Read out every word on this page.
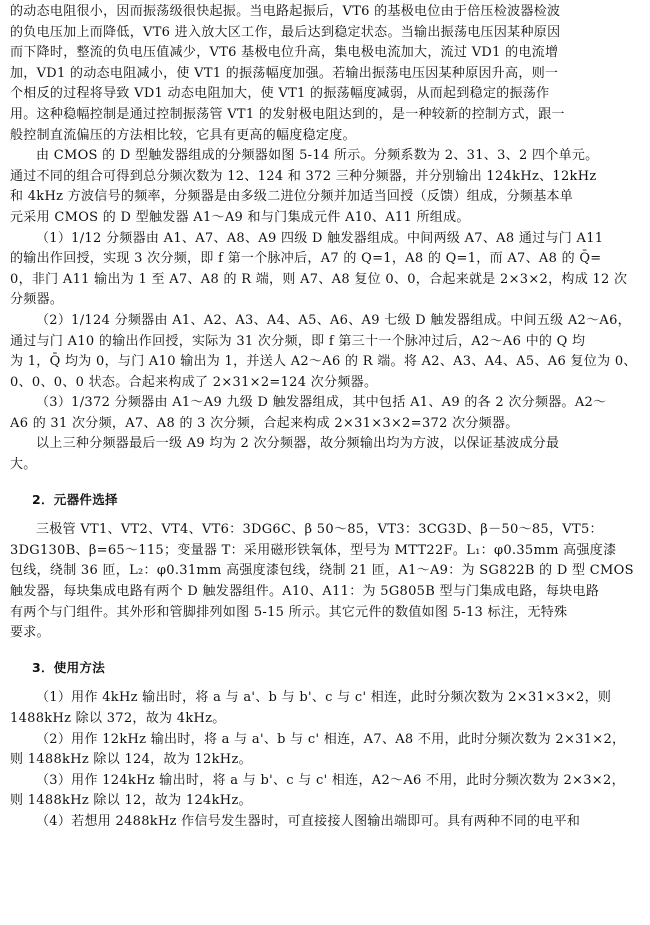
的动态电阻很小，因而振荡级很快起振。当电路起振后，VT6 的基极电位由于倍压检波器检波
的负电压加上而降低，VT6 进入放大区工作，最后达到稳定状态。当输出振荡电压因某种原因
而下降时，整流的负电压值减少，VT6 基极电位升高，集电极电流加大，流过 VD1 的电流增
加，VD1 的动态电阻减小，使 VT1 的振荡幅度加强。若输出振荡电压因某种原因升高，则一
个相反的过程将导致 VD1 动态电阻加大，使 VT1 的振荡幅度减弱，从而起到稳定的振荡作
用。这种稳幅控制是通过控制振荡管 VT1 的发射极电阻达到的，是一种较新的控制方式，跟一
般控制直流偏压的方法相比较，它具有更高的幅度稳定度。
由 CMOS 的 D 型触发器组成的分频器如图 5-14 所示。分频系数为 2、31、3、2 四个单元。
通过不同的组合可得到总分频次数为 12、124 和 372 三种分频器，并分别输出 124kHz、12kHz
和 4kHz 方波信号的频率，分频器是由多级二进位分频并加适当回授（反馈）组成，分频基本单
元采用 CMOS 的 D 型触发器 A1～A9 和与门集成元件 A10、A11 所组成。
（1）1/12 分频器由 A1、A7、A8、A9 四级 D 触发器组成。中间两级 A7、A8 通过与门 A11
的输出作回授，实现 3 次分频，即 f 第一个脉冲后，A7 的 Q=1，A8 的 Q=1，而 A7、A8 的 Q̄=
0，非门 A11 输出为 1 至 A7、A8 的 R 端，则 A7、A8 复位 0、0，合起来就是 2×3×2，构成 12 次
分频器。
（2）1/124 分频器由 A1、A2、A3、A4、A5、A6、A9 七级 D 触发器组成。中间五级 A2～A6，
通过与门 A10 的输出作回授，实际为 31 次分频，即 f 第三十一个脉冲过后，A2～A6 中的 Q 均
为 1，Q̄ 均为 0，与门 A10 输出为 1，并送人 A2～A6 的 R 端。将 A2、A3、A4、A5、A6 复位为 0、
0、0、0、0 状态。合起来构成了 2×31×2=124 次分频器。
（3）1/372 分频器由 A1～A9 九级 D 触发器组成，其中包括 A1、A9 的各 2 次分频器。A2～
A6 的 31 次分频，A7、A8 的 3 次分频，合起来构成 2×31×3×2=372 次分频器。
以上三种分频器最后一级 A9 均为 2 次分频器，故分频输出均为方波，以保证基波成分最
大。
2．元器件选择
三极管 VT1、VT2、VT4、VT6：3DG6C、β 50～85，VT3：3CG3D、β－50～85，VT5：
3DG130B、β=65～115；变量器 T：采用磁形铁氧体，型号为 MTT22F。L₁：φ0.35mm 高强度漆
包线，绕制 36 匝，L₂：φ0.31mm 高强度漆包线，绕制 21 匝，A1～A9：为 SG822B 的 D 型 CMOS
触发器，每块集成电路有两个 D 触发器组件。A10、A11：为 5G805B 型与门集成电路，每块电路
有两个与门组件。其外形和管脚排列如图 5-15 所示。其它元件的数值如图 5-13 标注，无特殊
要求。
3．使用方法
（1）用作 4kHz 输出时，将 a 与 a'、b 与 b'、c 与 c' 相连，此时分频次数为 2×31×3×2，则
1488kHz 除以 372，故为 4kHz。
（2）用作 12kHz 输出时，将 a 与 a'、b 与 c' 相连，A7、A8 不用，此时分频次数为 2×31×2，
则 1488kHz 除以 124，故为 12kHz。
（3）用作 124kHz 输出时，将 a 与 b'、c 与 c' 相连，A2～A6 不用，此时分频次数为 2×3×2，
则 1488kHz 除以 12，故为 124kHz。
（4）若想用 2488kHz 作信号发生器时，可直接接人图输出端即可。具有两种不同的电平和
